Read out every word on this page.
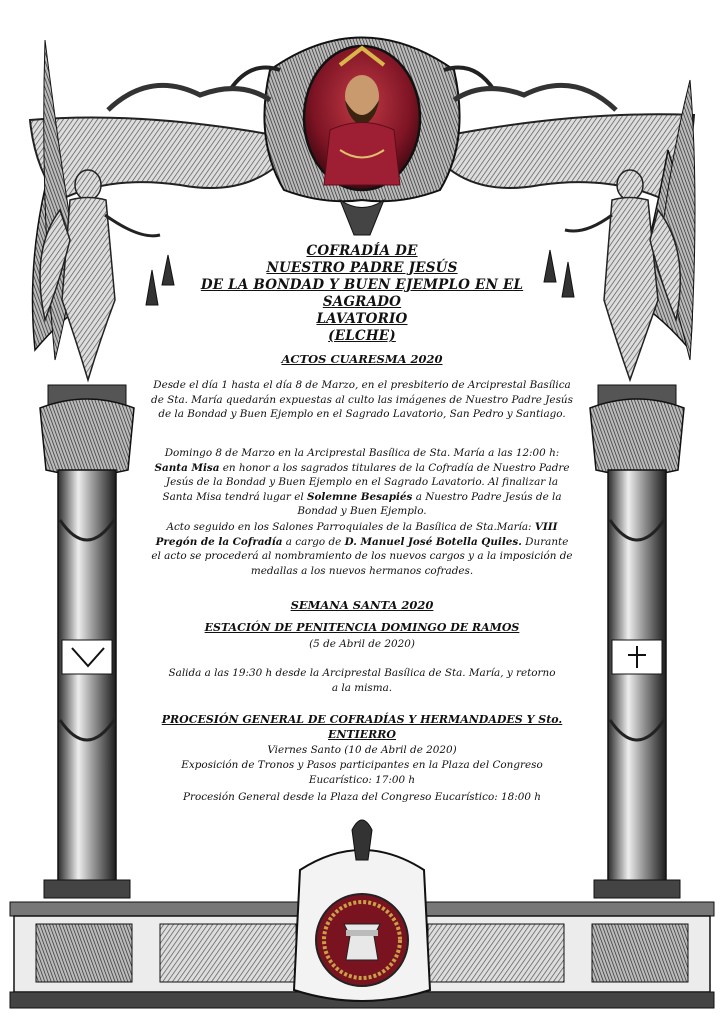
COFRADÍA DE
NUESTRO PADRE JESÚS
DE LA BONDAD Y BUEN EJEMPLO EN EL SAGRADO
LAVATORIO
(ELCHE)
ACTOS CUARESMA 2020
Desde el día 1 hasta el día 8 de Marzo, en el presbiterio de Arciprestal Basílica de Sta. María quedarán expuestas al culto las imágenes de Nuestro Padre Jesús de la Bondad y Buen Ejemplo en el Sagrado Lavatorio, San Pedro y Santiago.
Domingo 8 de Marzo en la Arciprestal Basílica de Sta. María a las 12:00 h: Santa Misa en honor a los sagrados titulares de la Cofradía de Nuestro Padre Jesús de la Bondad y Buen Ejemplo en el Sagrado Lavatorio. Al finalizar la Santa Misa tendrá lugar el Solemne Besapiés a Nuestro Padre Jesús de la Bondad y Buen Ejemplo.
Acto seguido en los Salones Parroquiales de la Basílica de Sta.María: VIII Pregón de la Cofradía a cargo de D. Manuel José Botella Quiles. Durante el acto se procederá al nombramiento de los nuevos cargos y a la imposición de medallas a los nuevos hermanos cofrades.
SEMANA SANTA 2020
ESTACIÓN DE PENITENCIA DOMINGO DE RAMOS
(5 de Abril de 2020)
Salida a las 19:30 h desde la Arciprestal Basílica de Sta. María, y retorno a la misma.
PROCESIÓN GENERAL DE COFRADÍAS Y HERMANDADES Y Sto. ENTIERRO
Viernes Santo (10 de Abril de 2020)
Exposición de Tronos y Pasos participantes en la Plaza del Congreso Eucarístico: 17:00 h
Procesión General desde la Plaza del Congreso Eucarístico: 18:00 h
